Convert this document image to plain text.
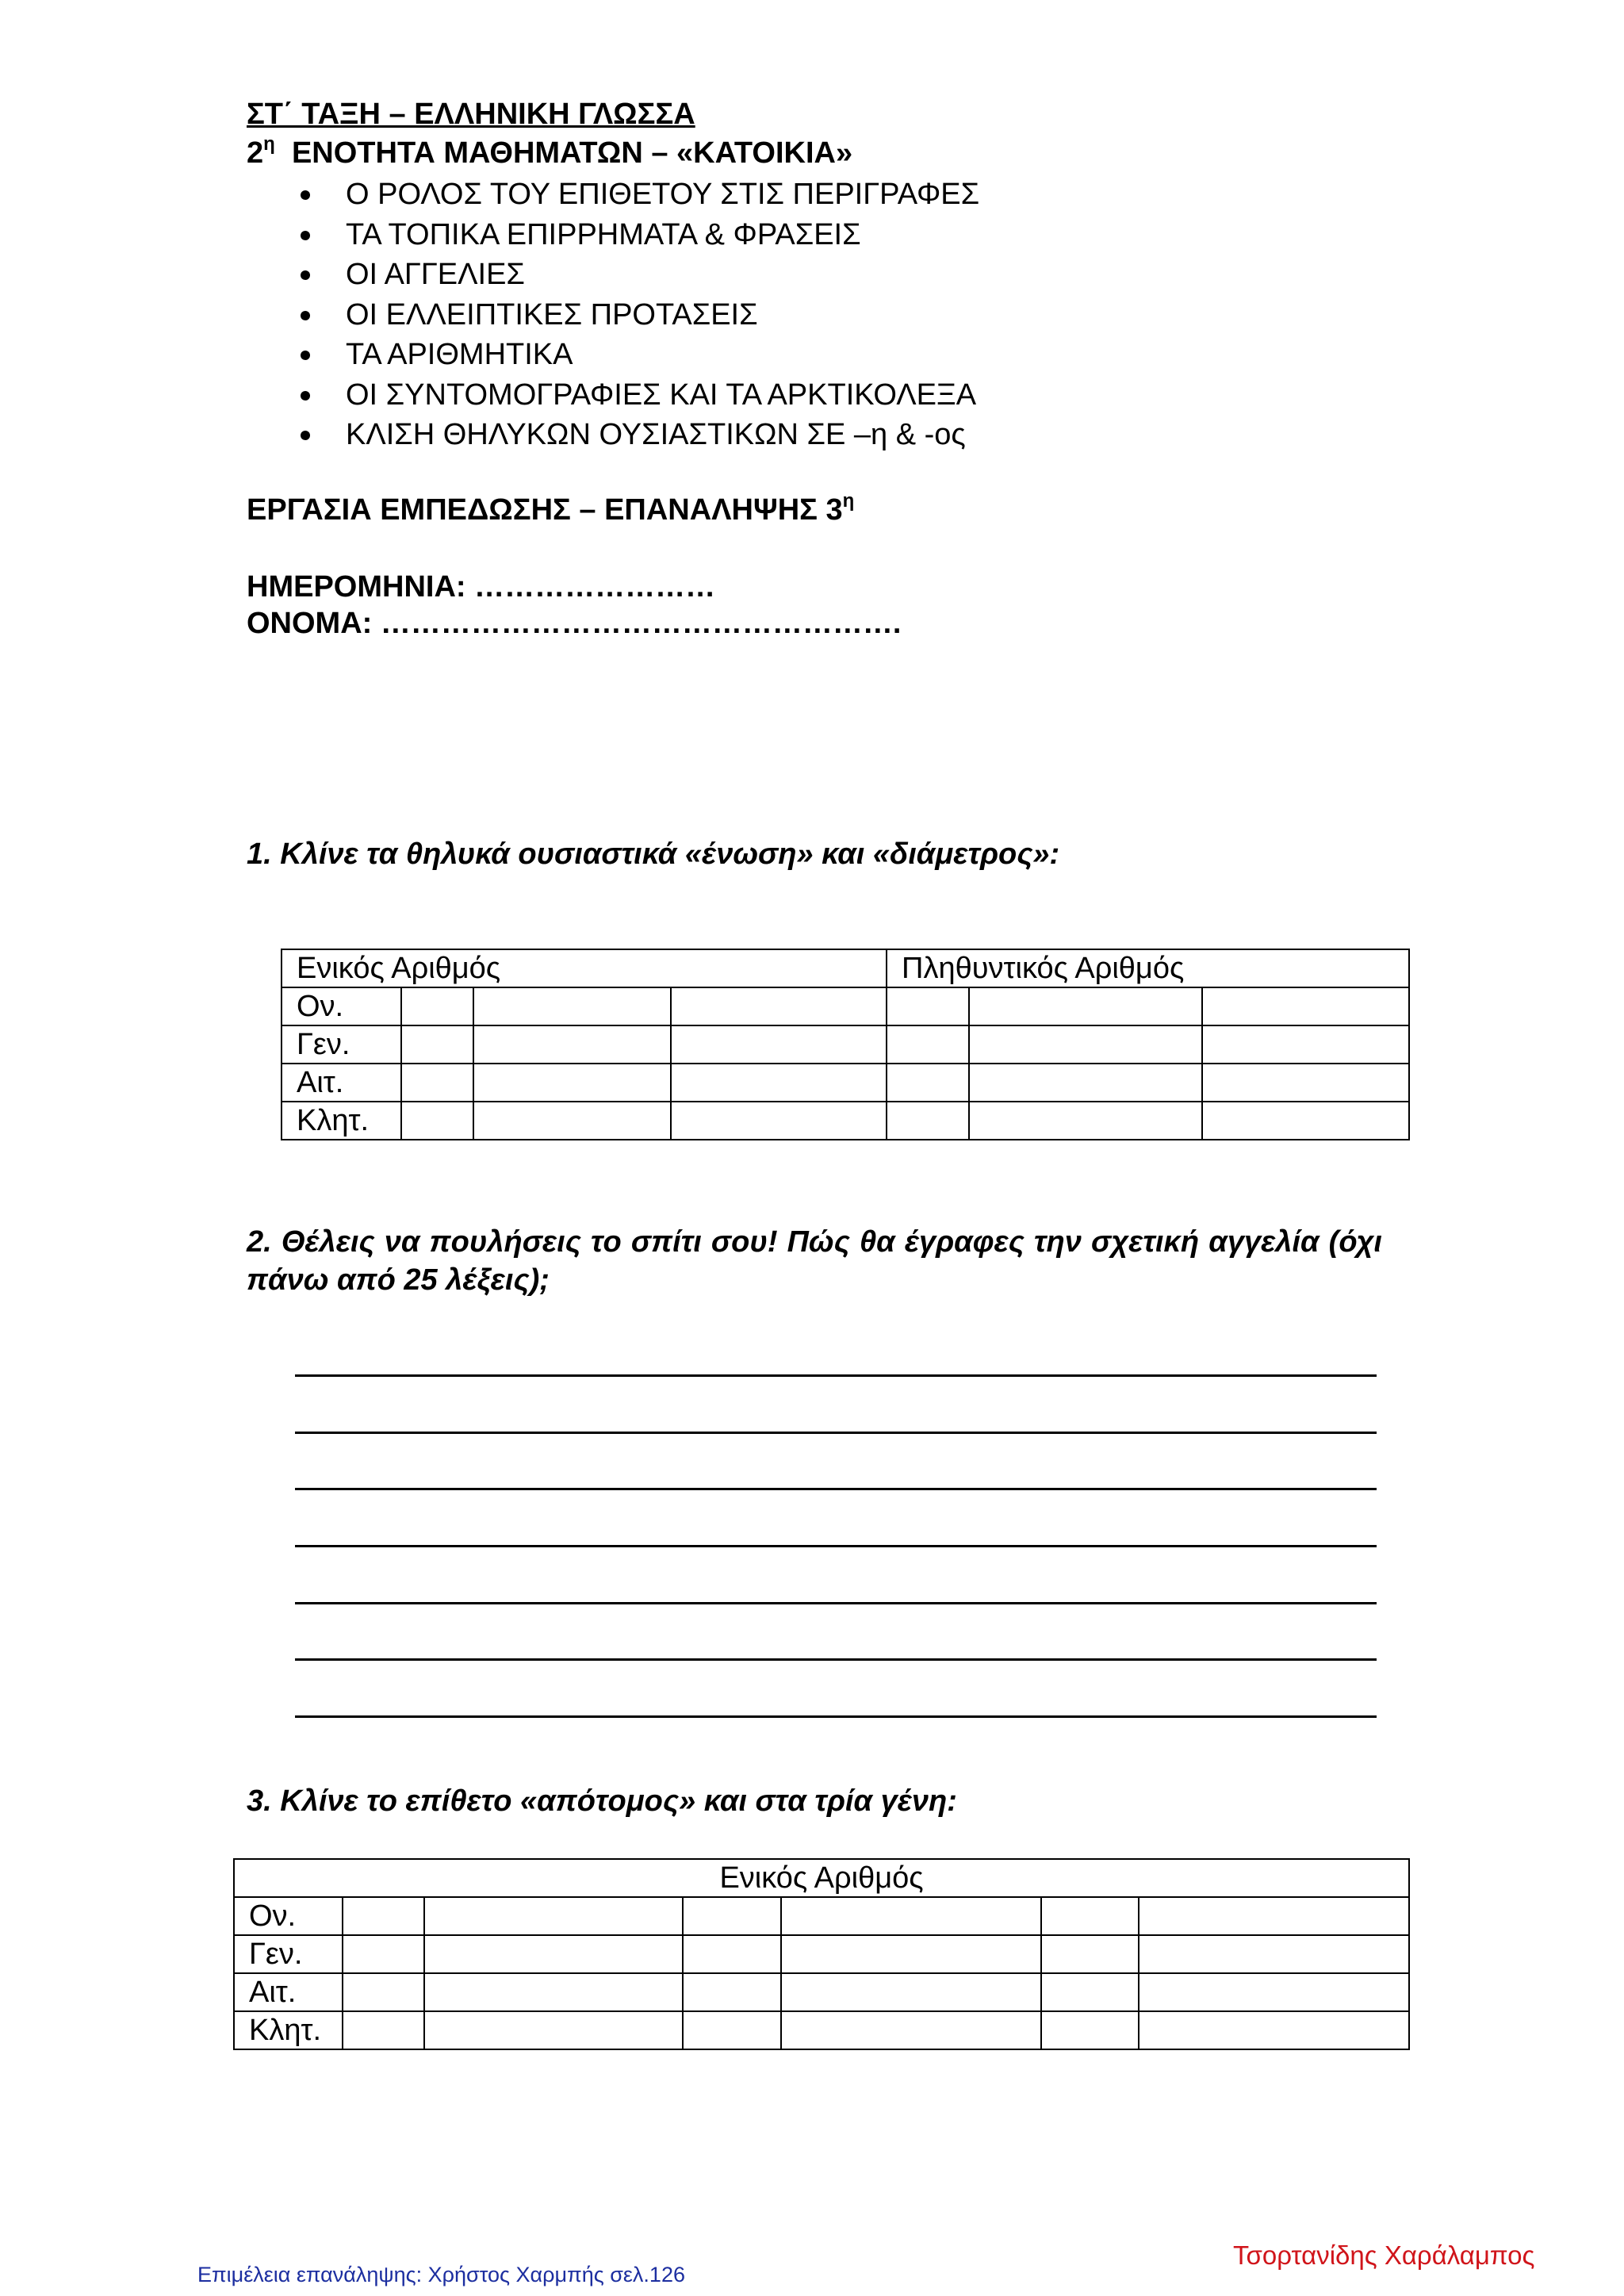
ΣΤ΄ ΤΑΞΗ – ΕΛΛΗΝΙΚΗ ΓΛΩΣΣΑ
$2^\eta$ ΕΝΟΤΗΤΑ ΜΑΘΗΜΑΤΩΝ – «ΚΑΤΟΙΚΙΑ»
Ο ΡΟΛΟΣ ΤΟΥ ΕΠΙΘΕΤΟΥ ΣΤΙΣ ΠΕΡΙΓΡΑΦΕΣ
ΤΑ ΤΟΠΙΚΑ ΕΠΙΡΡΗΜΑΤΑ & ΦΡΑΣΕΙΣ
ΟΙ ΑΓΓΕΛΙΕΣ
ΟΙ ΕΛΛΕΙΠΤΙΚΕΣ ΠΡΟΤΑΣΕΙΣ
ΤΑ ΑΡΙΘΜΗΤΙΚΑ
ΟΙ ΣΥΝΤΟΜΟΓΡΑΦΙΕΣ ΚΑΙ ΤΑ ΑΡΚΤΙΚΟΛΕΞΑ
ΚΛΙΣΗ ΘΗΛΥΚΩΝ ΟΥΣΙΑΣΤΙΚΩΝ ΣΕ –η & -ος
ΕΡΓΑΣΙΑ ΕΜΠΕΔΩΣΗΣ – ΕΠΑΝΑΛΗΨΗΣ $3^\eta$
ΗΜΕΡΟΜΗΝΙΑ: ……………………
ΟΝΟΜΑ: …………………………………………….
1. Κλίνε τα θηλυκά ουσιαστικά «ένωση» και «διάμετρος»:
Ενικός Αριθμός				Πληθυντικός Αριθμός		
Ον.						
Γεν.						
Αιτ.						
Κλητ.						
2. Θέλεις να πουλήσεις το σπίτι σου! Πώς θα έγραφες την σχετική αγγελία (όχι πάνω από 25 λέξεις);
3. Κλίνε το επίθετο «απότομος» και στα τρία γένη:
Ενικός Αριθμός						
Ον.						
Γεν.						
Αιτ.						
Κλητ.						
Επιμέλεια επανάληψης: Χρήστος Χαρμπής σελ.126
Τσορτανίδης Χαράλαμπος
